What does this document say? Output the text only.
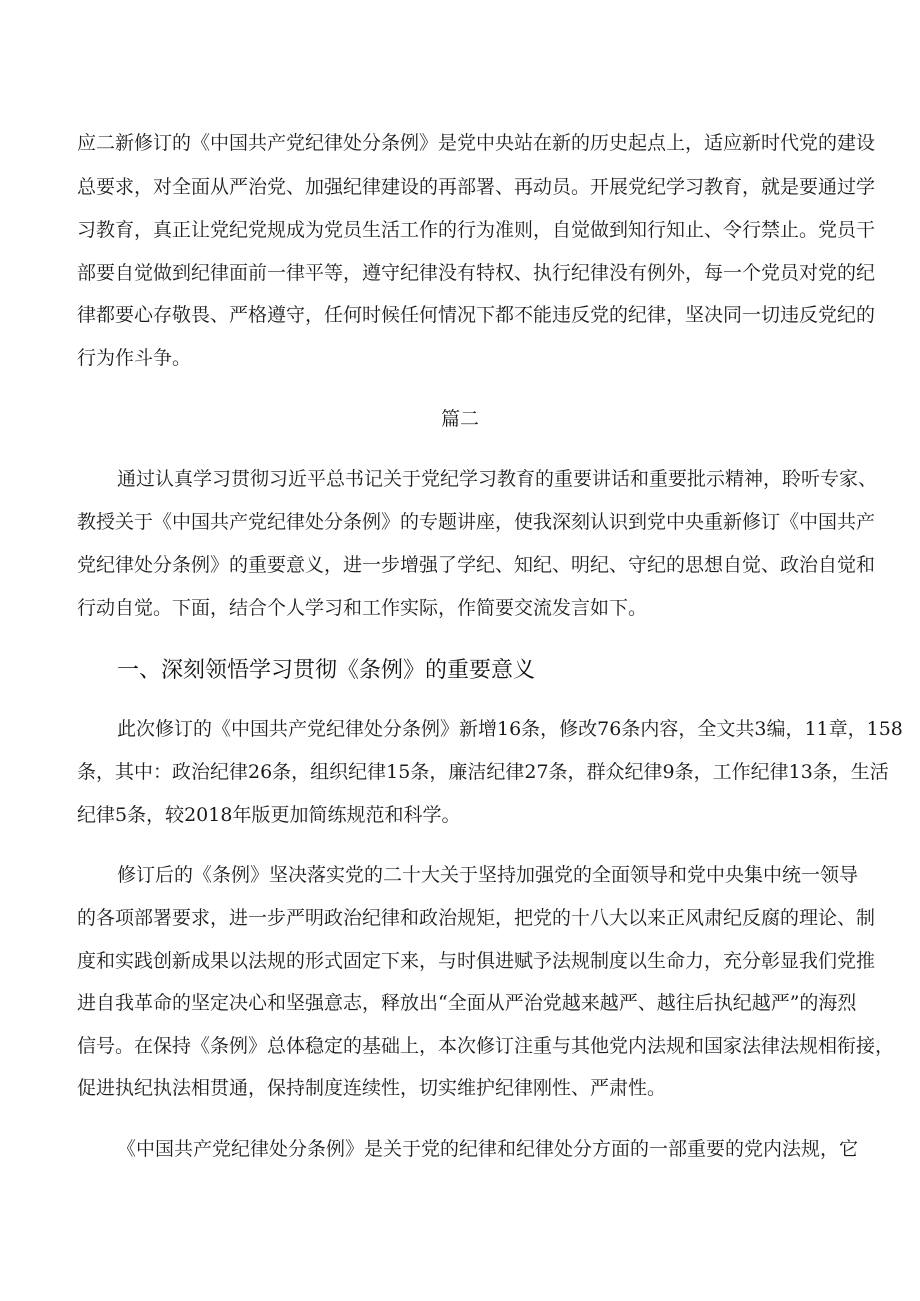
应二新修订的《中国共产党纪律处分条例》是党中央站在新的历史起点上，适应新时代党的建设
总要求，对全面从严治党、加强纪律建设的再部署、再动员。开展党纪学习教育，就是要通过学
习教育，真正让党纪党规成为党员生活工作的行为准则，自觉做到知行知止、令行禁止。党员干
部要自觉做到纪律面前一律平等，遵守纪律没有特权、执行纪律没有例外，每一个党员对党的纪
律都要心存敬畏、严格遵守，任何时候任何情况下都不能违反党的纪律，坚决同一切违反党纪的
行为作斗争。
篇二
通过认真学习贯彻习近平总书记关于党纪学习教育的重要讲话和重要批示精神，聆听专家、
教授关于《中国共产党纪律处分条例》的专题讲座，使我深刻认识到党中央重新修订《中国共产
党纪律处分条例》的重要意义，进一步增强了学纪、知纪、明纪、守纪的思想自觉、政治自觉和
行动自觉。下面，结合个人学习和工作实际，作简要交流发言如下。
一、深刻领悟学习贯彻《条例》的重要意义
此次修订的《中国共产党纪律处分条例》新增16条，修改76条内容，全文共3编，11章，158
条，其中：政治纪律26条，组织纪律15条，廉洁纪律27条，群众纪律9条，工作纪律13条，生活
纪律5条，较2018年版更加简练规范和科学。
修订后的《条例》坚决落实党的二十大关于坚持加强党的全面领导和党中央集中统一领导
的各项部署要求，进一步严明政治纪律和政治规矩，把党的十八大以来正风肃纪反腐的理论、制
度和实践创新成果以法规的形式固定下来，与时俱进赋予法规制度以生命力，充分彰显我们党推
进自我革命的坚定决心和坚强意志，释放出“全面从严治党越来越严、越往后执纪越严”的海烈
信号。在保持《条例》总体稳定的基础上，本次修订注重与其他党内法规和国家法律法规相衔接，
促进执纪执法相贯通，保持制度连续性，切实维护纪律刚性、严肃性。
《中国共产党纪律处分条例》是关于党的纪律和纪律处分方面的一部重要的党内法规，它
